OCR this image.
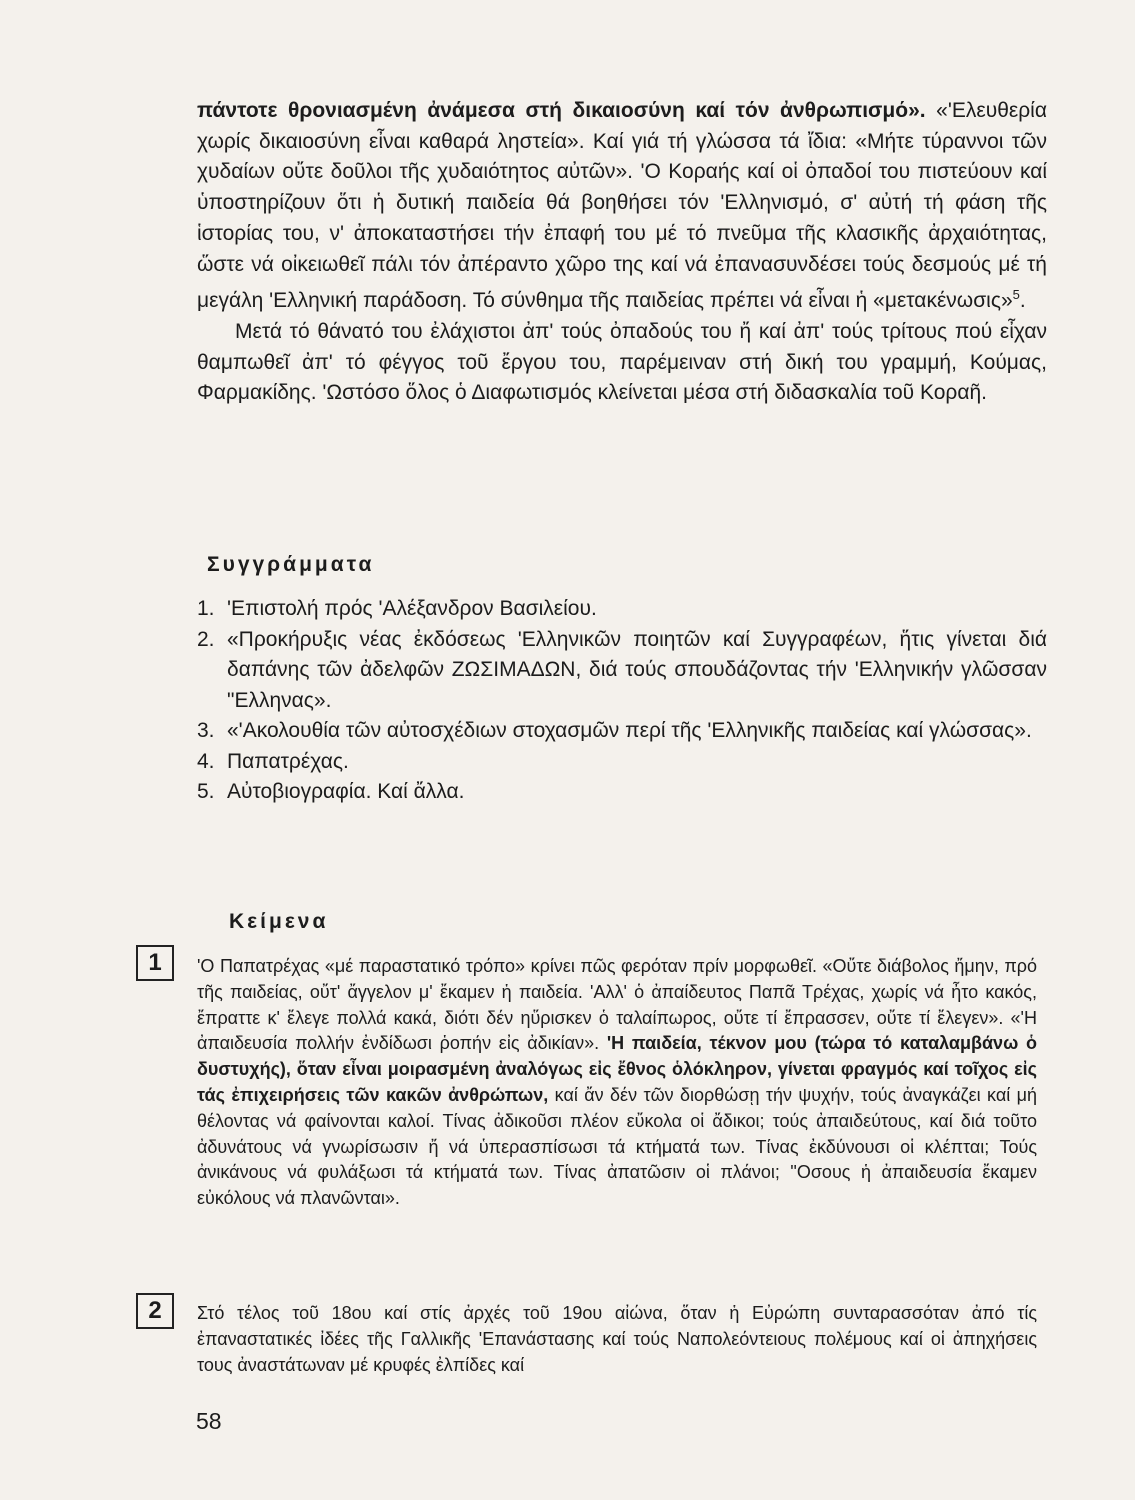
πάντοτε θρονιασμένη ἀνάμεσα στή δικαιοσύνη καί τόν ἀνθρωπισμό». «'Ελευθερία χωρίς δικαιοσύνη εἶναι καθαρά ληστεία». Καί γιά τή γλώσσα τά ἴδια: «Μήτε τύραννοι τῶν χυδαίων οὔτε δοῦλοι τῆς χυδαιότητος αὐτῶν». 'Ο Κοραής καί οἱ ὀπαδοί του πιστεύουν καί ὑποστηρίζουν ὅτι ἡ δυτική παιδεία θά βοηθήσει τόν 'Ελληνισμό, σ' αὐτή τή φάση τῆς ἱστορίας του, ν' ἀποκαταστήσει τήν ἐπαφή του μέ τό πνεῦμα τῆς κλασικῆς ἀρχαιότητας, ὥστε νά οἰκειωθεῖ πάλι τόν ἀπέραντο χῶρο της καί νά ἐπανασυνδέσει τούς δεσμούς μέ τή μεγάλη 'Ελληνική παράδοση. Τό σύνθημα τῆς παιδείας πρέπει νά εἶναι ἡ «μετακένωσις»$^5$.

Μετά τό θάνατό του ἐλάχιστοι ἀπ' τούς ὀπαδούς του ἤ καί ἀπ' τούς τρίτους πού εἶχαν θαμπωθεῖ ἀπ' τό φέγγος τοῦ ἔργου του, παρέμειναν στή δική του γραμμή, Κούμας, Φαρμακίδης. 'Ωστόσο ὅλος ὁ Διαφωτισμός κλείνεται μέσα στή διδασκαλία τοῦ Κοραῆ.

Συγγράμματα
1. 'Επιστολή πρός 'Αλέξανδρον Βασιλείου.
2. «Προκήρυξις νέας ἐκδόσεως 'Ελληνικῶν ποιητῶν καί Συγγραφέων, ἥτις γίνεται διά δαπάνης τῶν ἀδελφῶν ΖΩΣΙΜΑΔΩΝ, διά τούς σπουδάζοντας τήν 'Ελληνικήν γλῶσσαν "Ελληνας».
3. «'Ακολουθία τῶν αὐτοσχέδιων στοχασμῶν περί τῆς 'Ελληνικῆς παιδείας καί γλώσσας».
4. Παπατρέχας.
5. Αὐτοβιογραφία. Καί ἄλλα.
Κείμενα
1	'Ο Παπατρέχας «μέ παραστατικό τρόπο» κρίνει πῶς φερόταν πρίν μορφωθεῖ. «Οὔτε διάβολος ἤμην, πρό τῆς παιδείας, οὔτ' ἄγγελον μ' ἔκαμεν ἡ παιδεία. 'Αλλ' ὁ ἀπαίδευτος Παπᾶ Τρέχας, χωρίς νά ἦτο κακός, ἔπραττε κ' ἔλεγε πολλά κακά, διότι δέν ηὕρισκεν ὁ ταλαίπωρος, οὔτε τί ἔπρασσεν, οὔτε τί ἔλεγεν». «'Η ἀπαιδευσία πολλήν ἐνδίδωσι ῥοπήν εἰς ἀδικίαν». 'Η παιδεία, τέκνον μου (τώρα τό καταλαμβάνω ὁ δυστυχής), ὅταν εἶναι μοιρασμένη ἀναλόγως εἰς ἔθνος ὁλόκληρον, γίνεται φραγμός καί τοῖχος εἰς τάς ἐπιχειρήσεις τῶν κακῶν ἀνθρώπων, καί ἄν δέν τῶν διορθώσῃ τήν ψυχήν, τούς ἀναγκάζει καί μή θέλοντας νά φαίνονται καλοί. Τίνας ἀδικοῦσι πλέον εὔκολα οἱ ἄδικοι; τούς ἀπαιδεύτους, καί διά τοῦτο ἀδυνάτους νά γνωρίσωσιν ἤ νά ὑπερασπίσωσι τά κτήματά των. Τίνας ἐκδύνουσι οἱ κλέπται; Τούς ἀνικάνους νά φυλάξωσι τά κτήματά των. Τίνας ἀπατῶσιν οἱ πλάνοι; "Οσους ἡ ἀπαιδευσία ἔκαμεν εὐκόλους νά πλανῶνται».

2	Στό τέλος τοῦ 18ου καί στίς ἀρχές τοῦ 19ου αἰώνα, ὅταν ἡ Εὐρώπη συνταρασσόταν ἀπό τίς ἐπαναστατικές ἰδέες τῆς Γαλλικῆς 'Επανάστασης καί τούς Ναπολεόντειους πολέμους καί οἱ ἀπηχήσεις τους ἀναστάτωναν μέ κρυφές ἐλπίδες καί

58
